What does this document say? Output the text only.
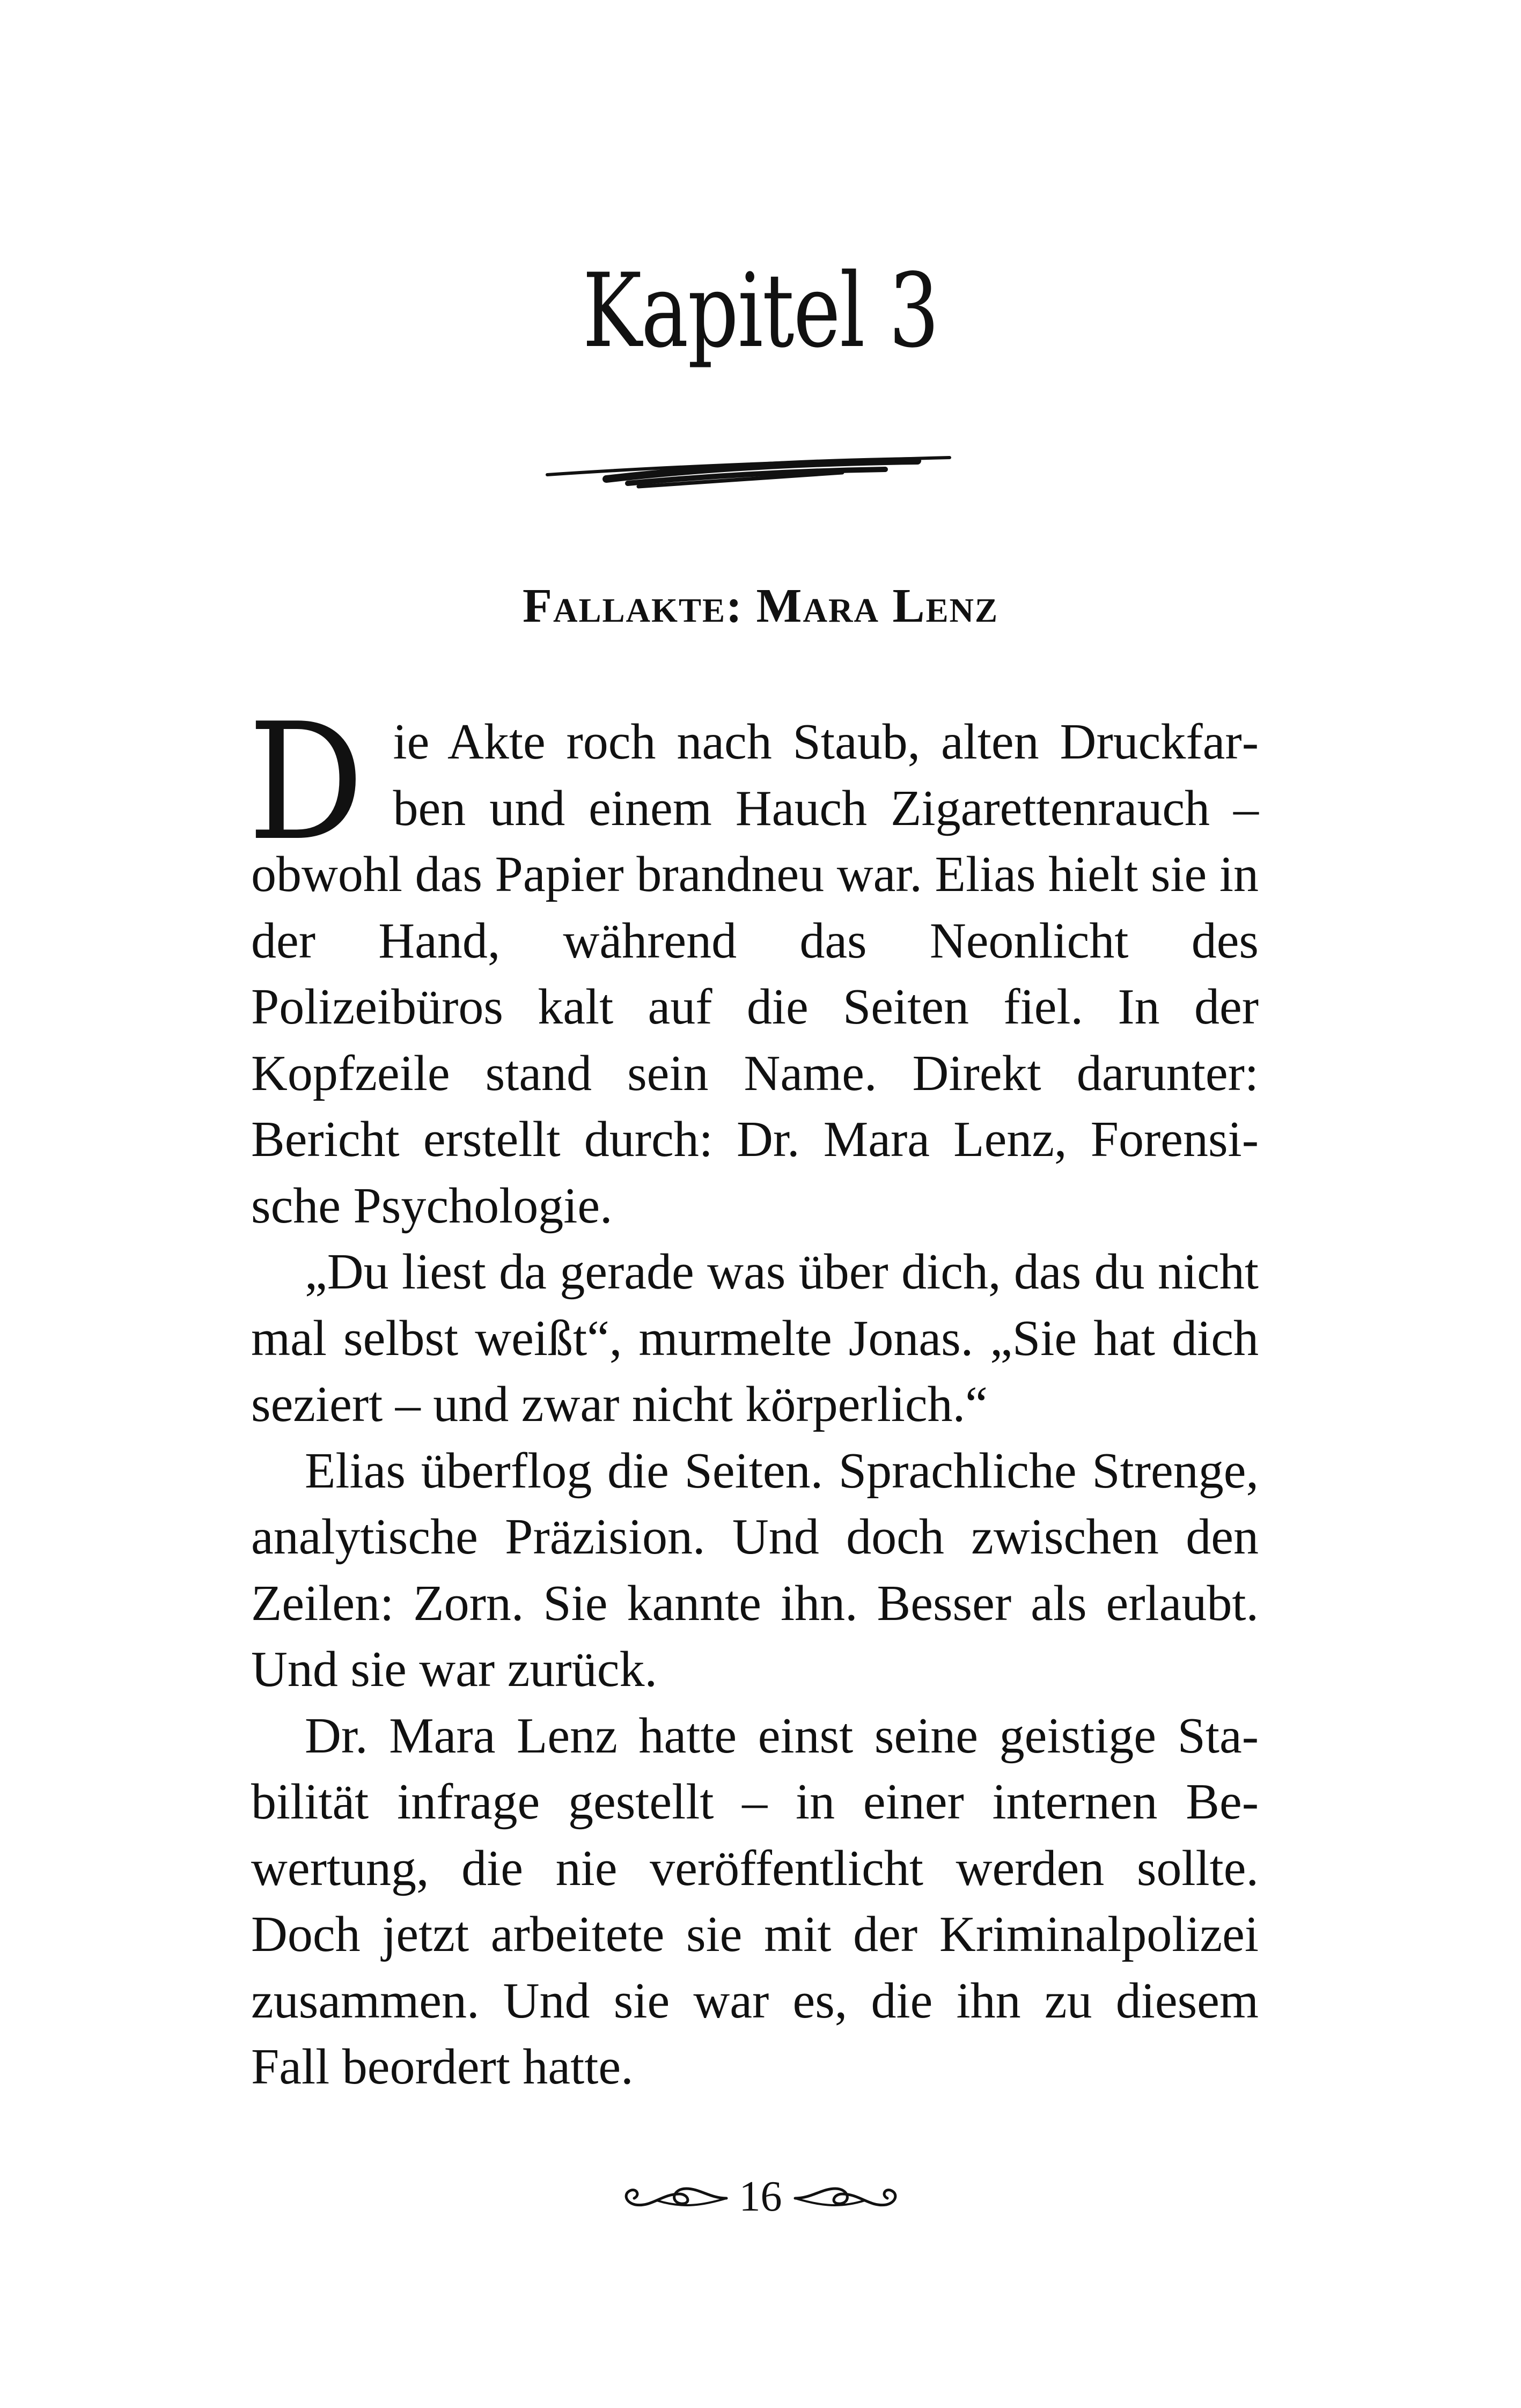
Kapitel 3
Fallakte: Mara Lenz

Die Akte roch nach Staub, alten Druckfarben und einem Hauch Zigarettenrauch – obwohl das Papier brandneu war. Elias hielt sie in der Hand, während das Neonlicht des Polizeibüros kalt auf die Seiten fiel. In der Kopfzeile stand sein Name. Direkt darunter: Bericht erstellt durch: Dr. Mara Lenz, Forensische Psychologie.

„Du liest da gerade was über dich, das du nicht mal selbst weißt“, murmelte Jonas. „Sie hat dich seziert – und zwar nicht körperlich.“

Elias überflog die Seiten. Sprachliche Strenge, analytische Präzision. Und doch zwischen den Zeilen: Zorn. Sie kannte ihn. Besser als erlaubt. Und sie war zurück.

Dr. Mara Lenz hatte einst seine geistige Stabilität infrage gestellt – in einer internen Bewertung, die nie veröffentlicht werden sollte. Doch jetzt arbeitete sie mit der Kriminalpolizei zusammen. Und sie war es, die ihn zu diesem Fall beordert hatte.

16
